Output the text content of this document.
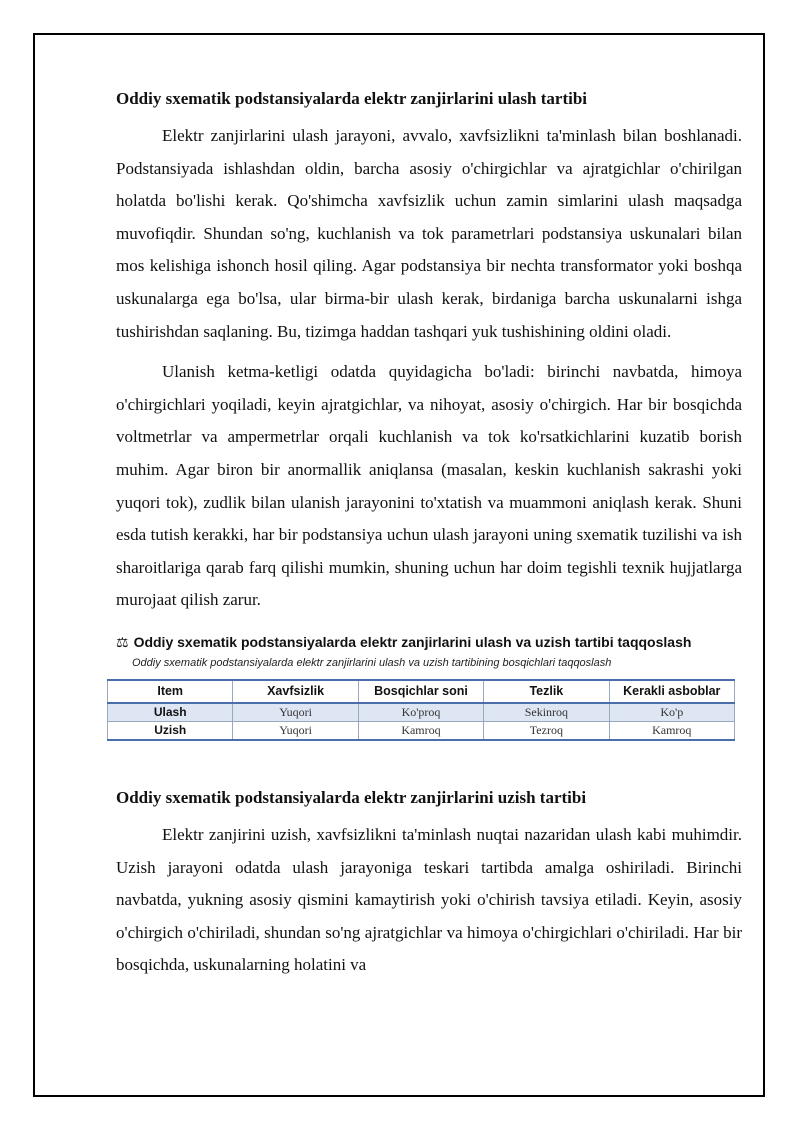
Oddiy sxematik podstansiyalarda elektr zanjirlarini ulash tartibi

Elektr zanjirlarini ulash jarayoni, avvalo, xavfsizlikni ta'minlash bilan boshlanadi. Podstansiyada ishlashdan oldin, barcha asosiy o'chirgichlar va ajratgichlar o'chirilgan holatda bo'lishi kerak. Qo'shimcha xavfsizlik uchun zamin simlarini ulash maqsadga muvofiqdir. Shundan so'ng, kuchlanish va tok parametrlari podstansiya uskunalari bilan mos kelishiga ishonch hosil qiling. Agar podstansiya bir nechta transformator yoki boshqa uskunalarga ega bo'lsa, ular birma-bir ulash kerak, birdaniga barcha uskunalarni ishga tushirishdan saqlaning. Bu, tizimga haddan tashqari yuk tushishining oldini oladi.

Ulanish ketma-ketligi odatda quyidagicha bo'ladi: birinchi navbatda, himoya o'chirgichlari yoqiladi, keyin ajratgichlar, va nihoyat, asosiy o'chirgich. Har bir bosqichda voltmetrlar va ampermetrlar orqali kuchlanish va tok ko'rsatkichlarini kuzatib borish muhim. Agar biron bir anormallik aniqlansa (masalan, keskin kuchlanish sakrashi yoki yuqori tok), zudlik bilan ulanish jarayonini to'xtatish va muammoni aniqlash kerak. Shuni esda tutish kerakki, har bir podstansiya uchun ulash jarayoni uning sxematik tuzilishi va ish sharoitlariga qarab farq qilishi mumkin, shuning uchun har doim tegishli texnik hujjatlarga murojaat qilish zarur.

⚖ Oddiy sxematik podstansiyalarda elektr zanjirlarini ulash va uzish tartibi taqqoslash
Oddiy sxematik podstansiyalarda elektr zanjirlarini ulash va uzish tartibining bosqichlari taqqoslash
Item	Xavfsizlik	Bosqichlar soni	Tezlik	Kerakli asboblar
Ulash	Yuqori	Ko'proq	Sekinroq	Ko'p
Uzish	Yuqori	Kamroq	Tezroq	Kamroq
Oddiy sxematik podstansiyalarda elektr zanjirlarini uzish tartibi

Elektr zanjirini uzish, xavfsizlikni ta'minlash nuqtai nazaridan ulash kabi muhimdir. Uzish jarayoni odatda ulash jarayoniga teskari tartibda amalga oshiriladi. Birinchi navbatda, yukning asosiy qismini kamaytirish yoki o'chirish tavsiya etiladi. Keyin, asosiy o'chirgich o'chiriladi, shundan so'ng ajratgichlar va himoya o'chirgichlari o'chiriladi. Har bir bosqichda, uskunalarning holatini va
